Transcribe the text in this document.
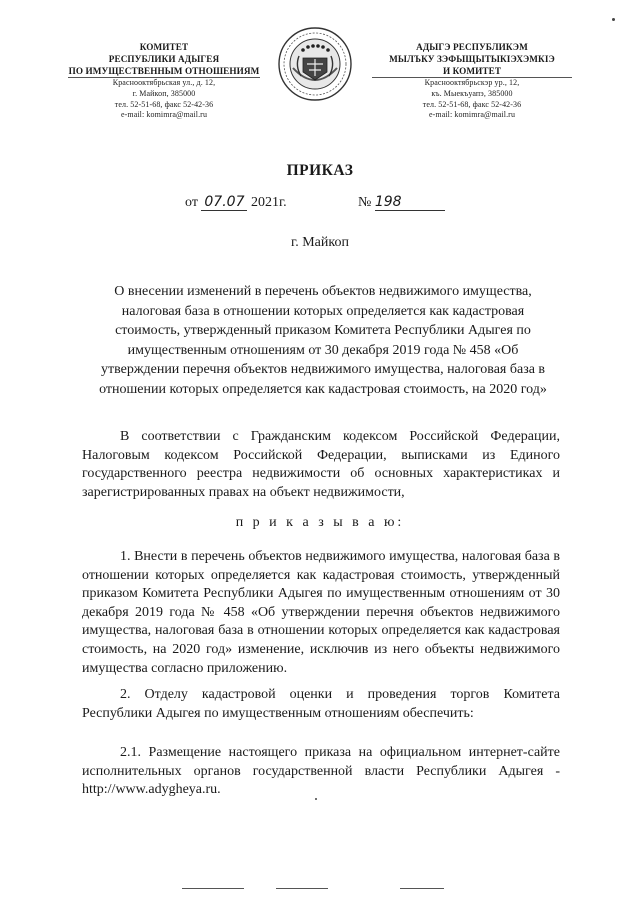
КОМИТЕТ
РЕСПУБЛИКИ АДЫГЕЯ
ПО ИМУЩЕСТВЕННЫМ ОТНОШЕНИЯМ
Краснооктябрьская ул., д. 12,
г. Майкоп, 385000
тел. 52-51-68, факс 52-42-36
e-mail: komimra@mail.ru
АДЫГЭ РЕСПУБЛИКЭМ
МЫЛЪКУ ЗЭФЫЩЫТЫКІЭХЭМКІЭ
И КОМИТЕТ
Краснооктябрьскэр ур., 12,
къ. Мыекъуапэ, 385000
тел. 52-51-68, факс 52-42-36
e-mail: komimra@mail.ru
ПРИКАЗ
от 07.07 2021г.	№ 198
г. Майкоп
О внесении изменений в перечень объектов недвижимого имущества, налоговая база в отношении которых определяется как кадастровая стоимость, утвержденный приказом Комитета Республики Адыгея по имущественным отношениям от 30 декабря 2019 года № 458 «Об утверждении перечня объектов недвижимого имущества, налоговая база в отношении которых определяется как кадастровая стоимость, на 2020 год»
В соответствии с Гражданским кодексом Российской Федерации, Налоговым кодексом Российской Федерации, выписками из Единого государственного реестра недвижимости об основных характеристиках и зарегистрированных правах на объект недвижимости,
п р и к а з ы в а ю:
1. Внести в перечень объектов недвижимого имущества, налоговая база в отношении которых определяется как кадастровая стоимость, утвержденный приказом Комитета Республики Адыгея по имущественным отношениям от 30 декабря 2019 года № 458 «Об утверждении перечня объектов недвижимого имущества, налоговая база в отношении которых определяется как кадастровая стоимость, на 2020 год» изменение, исключив из него объекты недвижимого имущества согласно приложению.
2. Отделу кадастровой оценки и проведения торгов Комитета Республики Адыгея по имущественным отношениям обеспечить:
2.1. Размещение настоящего приказа на официальном интернет-сайте исполнительных органов государственной власти Республики Адыгея - http://www.adygheya.ru.
